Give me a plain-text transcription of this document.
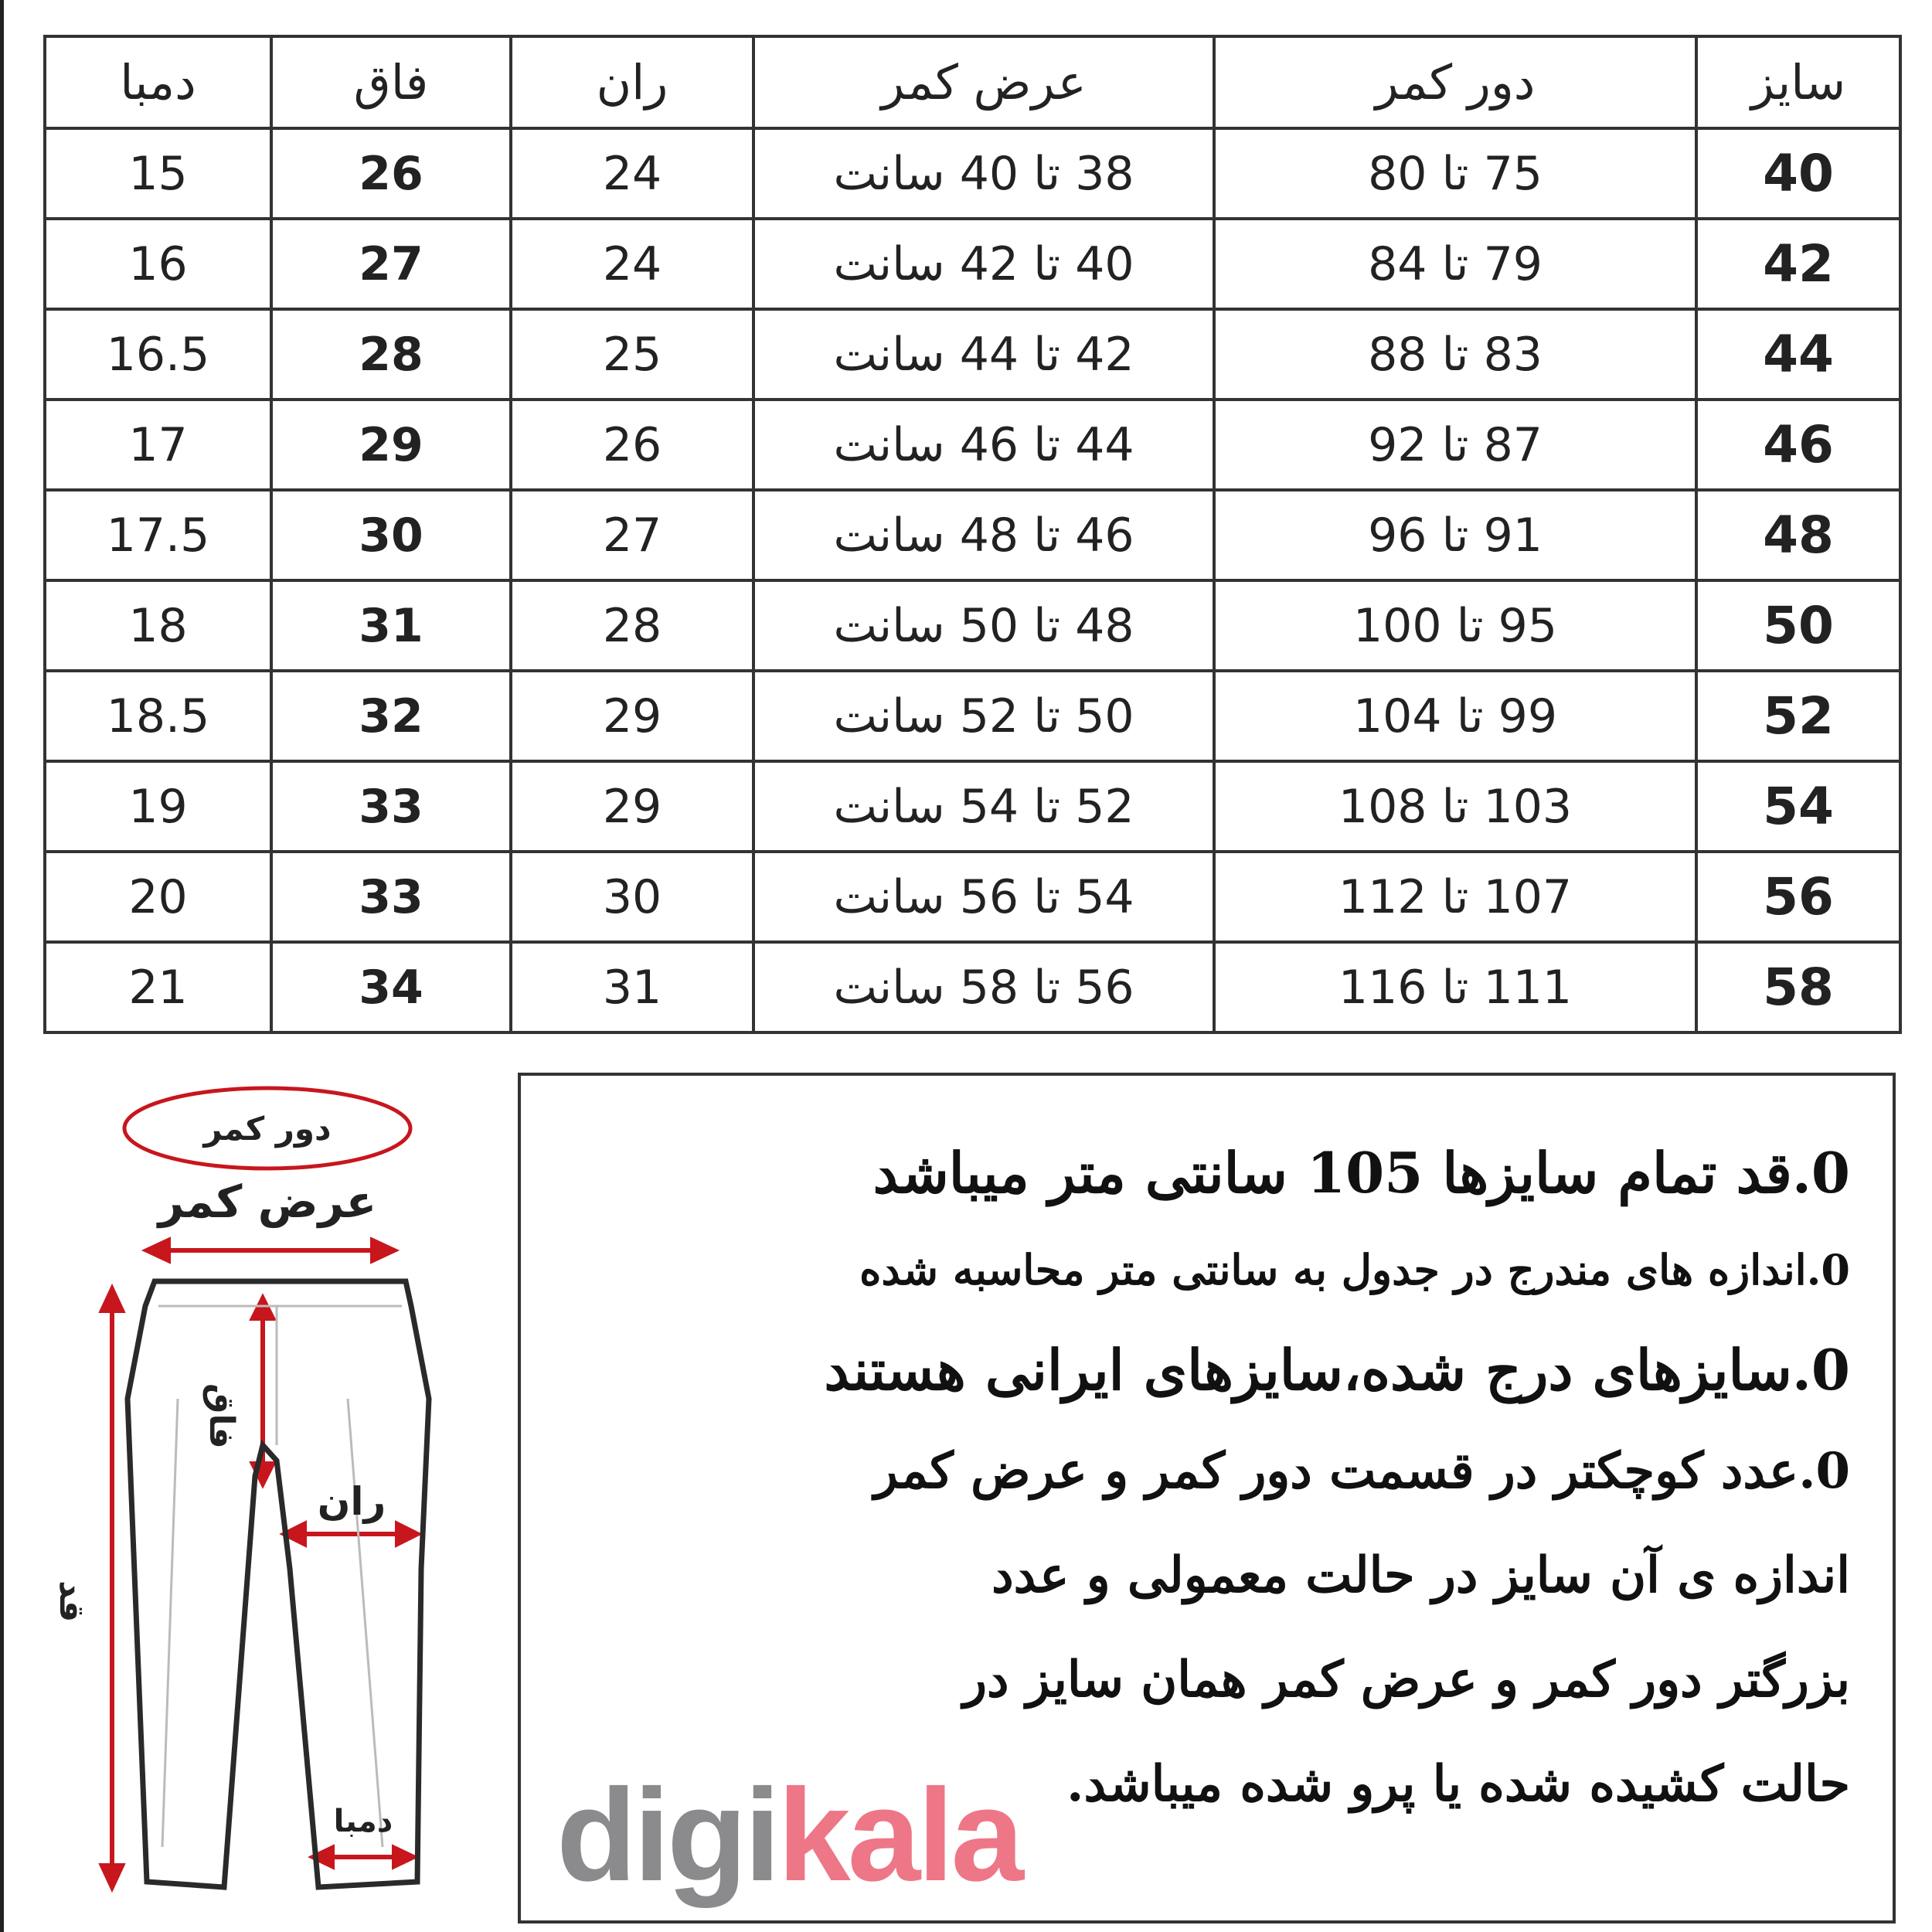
سایز	دور کمر	عرض کمر	ران	فاق	دمبا
40	75 تا 80	38 تا 40 سانت	24	26	15
42	79 تا 84	40 تا 42 سانت	24	27	16
44	83 تا 88	42 تا 44 سانت	25	28	16.5
46	87 تا 92	44 تا 46 سانت	26	29	17
48	91 تا 96	46 تا 48 سانت	27	30	17.5
50	95 تا 100	48 تا 50 سانت	28	31	18
52	99 تا 104	50 تا 52 سانت	29	32	18.5
54	103 تا 108	52 تا 54 سانت	29	33	19
56	107 تا 112	54 تا 56 سانت	30	33	20
58	111 تا 116	56 تا 58 سانت	31	34	21
دور کمر
عرض کمر
فاق
ران
قد
دمبا
0.قد تمام سایزها 105 سانتی متر میباشد
0.اندازه های مندرج در جدول به سانتی متر محاسبه شده
0.سایزهای درج شده،سایزهای ایرانی هستند
0.عدد کوچکتر در قسمت دور کمر و عرض کمر
اندازه ی آن سایز در حالت معمولی و عدد
بزرگتر دور کمر و عرض کمر همان سایز در
حالت کشیده شده یا پرو شده میباشد.
digikala
